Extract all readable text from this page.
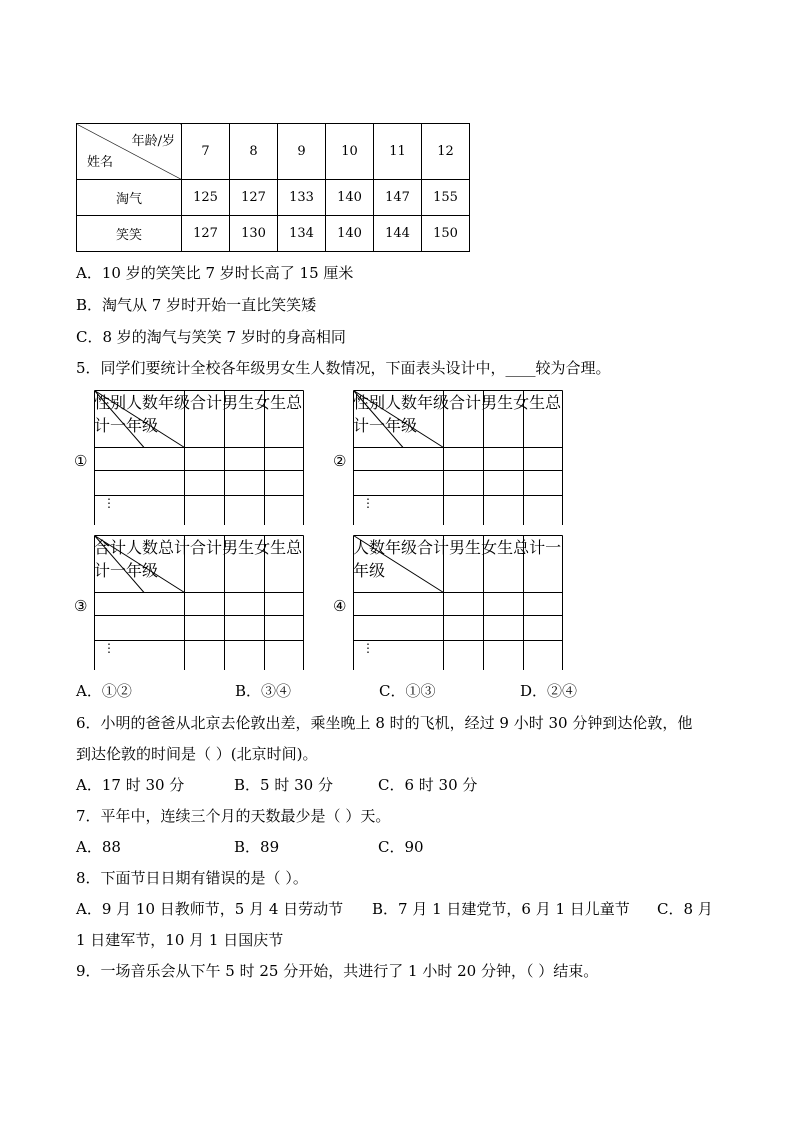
年龄/岁
姓名	7	8	9	10	11	12
淘气	125	127	133	140	147	155
笑笑	127	130	134	140	144	150
A．10 岁的笑笑比 7 岁时长高了 15 厘米
B．淘气从 7 岁时开始一直比笑笑矮
C．8 岁的淘气与笑笑 7 岁时的身高相同
5．同学们要统计全校各年级男女生人数情况，下面表头设计中，____较为合理。
性别人数年级合计男生女生总计一年级
⋮

①
性别人数年级合计男生女生总计一年级
⋮

②
合计人数总计合计男生女生总计一年级
⋮

③
人数年级合计男生女生总计一年级
⋮

④
A．①②	B．③④	C．①③	D．②④
6．小明的爸爸从北京去伦敦出差，乘坐晚上 8 时的飞机，经过 9 小时 30 分钟到达伦敦，他
到达伦敦的时间是（ ）(北京时间)。
A．17 时 30 分	B．5 时 30 分	C．6 时 30 分
7．平年中，连续三个月的天数最少是（ ）天。
A．88	B．89	C．90
8．下面节日日期有错误的是（ ）。
A．9 月 10 日教师节，5 月 4 日劳动节 B．7 月 1 日建党节，6 月 1 日儿童节 C．8 月
1 日建军节，10 月 1 日国庆节
9．一场音乐会从下午 5 时 25 分开始，共进行了 1 小时 20 分钟，（ ）结束。
